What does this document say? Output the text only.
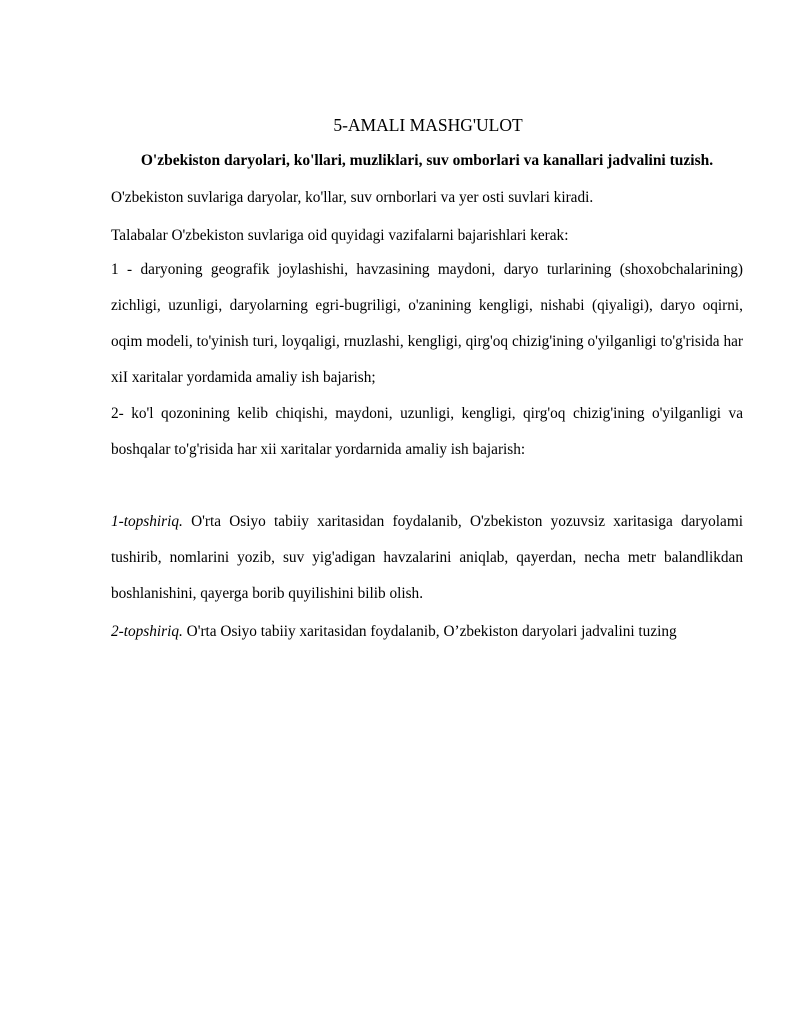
5-AMALI MASHG'ULOT

O'zbekiston daryolari, ko'llari, muzliklari, suv omborlari va kanallari jadvalini tuzish.

O'zbekiston suvlariga daryolar, ko'llar, suv ornborlari va yer osti suvlari kiradi.

Talabalar O'zbekiston suvlariga oid quyidagi vazifalarni bajarishlari kerak:

1 - daryoning geografik joylashishi, havzasining maydoni, daryo turlarining (shoxobchalarining) zichligi, uzunligi, daryolarning egri-bugriligi, o'zanining kengligi, nishabi (qiyaligi), daryo oqirni, oqim modeli, to'yinish turi, loyqaligi, rnuzlashi, kengligi, qirg'oq chizig'ining o'yilganligi to'g'risida har xiI xaritalar yordamida amaliy ish bajarish;

2- ko'l qozonining kelib chiqishi, maydoni, uzunligi, kengligi, qirg'oq chizig'ining o'yilganligi va boshqalar to'g'risida har xii xaritalar yordarnida amaliy ish bajarish:

1-topshiriq. O'rta Osiyo tabiiy xaritasidan foydalanib, O'zbekiston yozuvsiz xaritasiga daryolami tushirib, nomlarini yozib, suv yig'adigan havzalarini aniqlab, qayerdan, necha metr balandlikdan boshlanishini, qayerga borib quyilishini bilib olish.

2-topshiriq. O'rta Osiyo tabiiy xaritasidan foydalanib, O’zbekiston daryolari jadvalini tuzing
